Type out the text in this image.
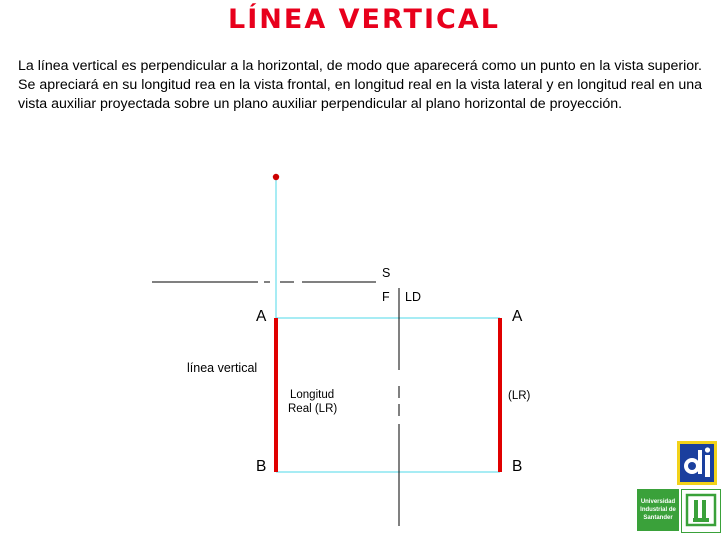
LÍNEA VERTICAL
La línea vertical es perpendicular a la horizontal, de modo que aparecerá como un punto en la vista superior. Se apreciará en su longitud rea en la vista frontal, en longitud real en la vista lateral y en longitud real en una vista auxiliar proyectada sobre un plano auxiliar perpendicular al plano horizontal de proyección.
S
F LD
A	A
B	B
línea vertical
Longitud
Real (LR)
(LR)
Universidad Industrial de Santander
